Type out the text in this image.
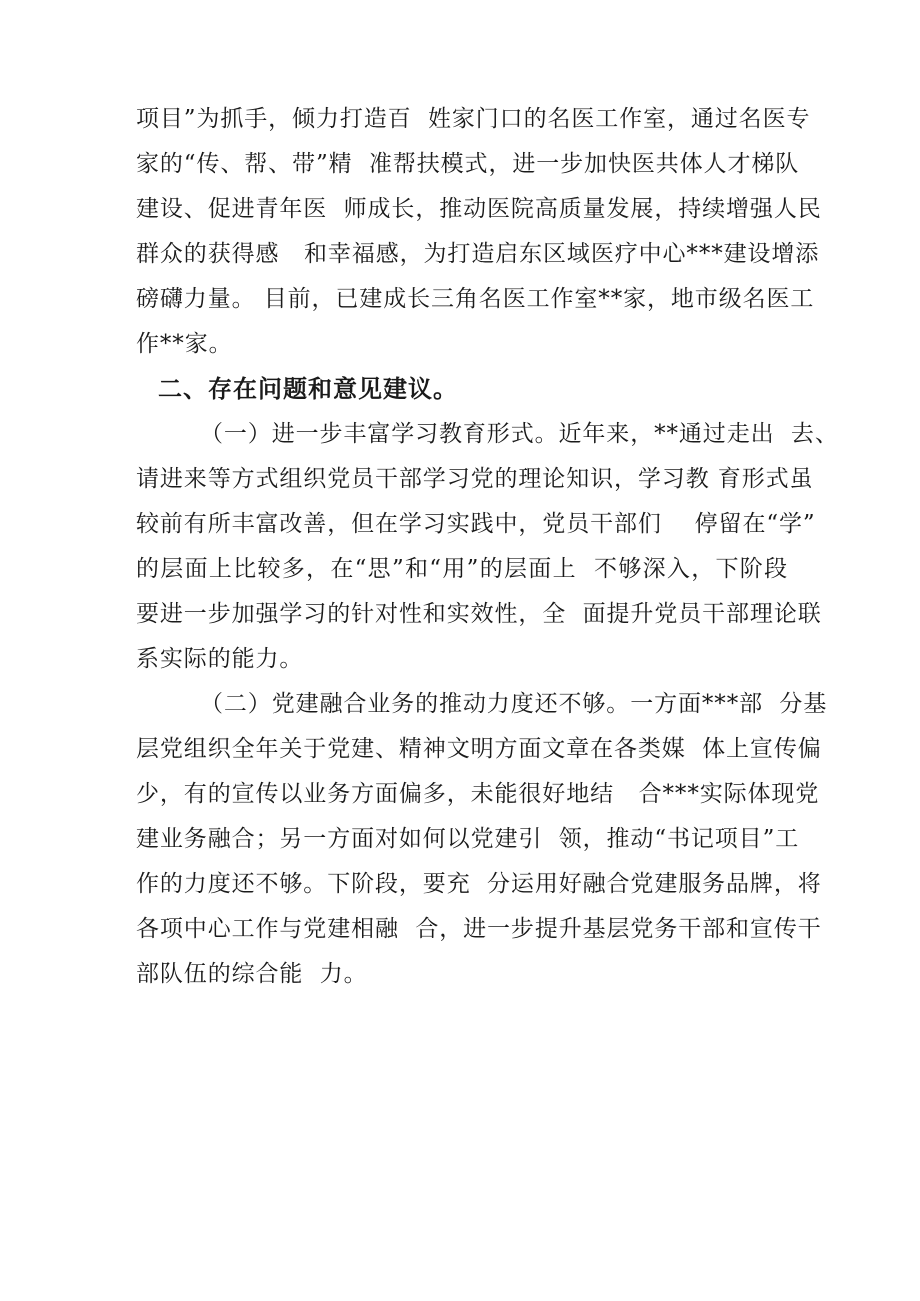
项目”为抓手，倾力打造百  姓家门口的名医工作室，通过名医专
家的“传、帮、带”精  准帮扶模式，进一步加快医共体人才梯队
建设、促进青年医  师成长，推动医院高质量发展，持续增强人民
群众的获得感   和幸福感，为打造启东区域医疗中心***建设增添
磅礴力量。 目前，已建成长三角名医工作室**家，地市级名医工
作**家。
二、存在问题和意见建议。
（一）进一步丰富学习教育形式。近年来，**通过走出  去、
请进来等方式组织党员干部学习党的理论知识，学习教 育形式虽
较前有所丰富改善，但在学习实践中，党员干部们    停留在“学”
的层面上比较多，在“思”和“用”的层面上  不够深入，下阶段
要进一步加强学习的针对性和实效性，全  面提升党员干部理论联
系实际的能力。
（二）党建融合业务的推动力度还不够。一方面***部  分基
层党组织全年关于党建、精神文明方面文章在各类媒  体上宣传偏
少，有的宣传以业务方面偏多，未能很好地结   合***实际体现党
建业务融合；另一方面对如何以党建引  领，推动“书记项目”工
作的力度还不够。下阶段，要充  分运用好融合党建服务品牌，将
各项中心工作与党建相融  合，进一步提升基层党务干部和宣传干
部队伍的综合能  力。
